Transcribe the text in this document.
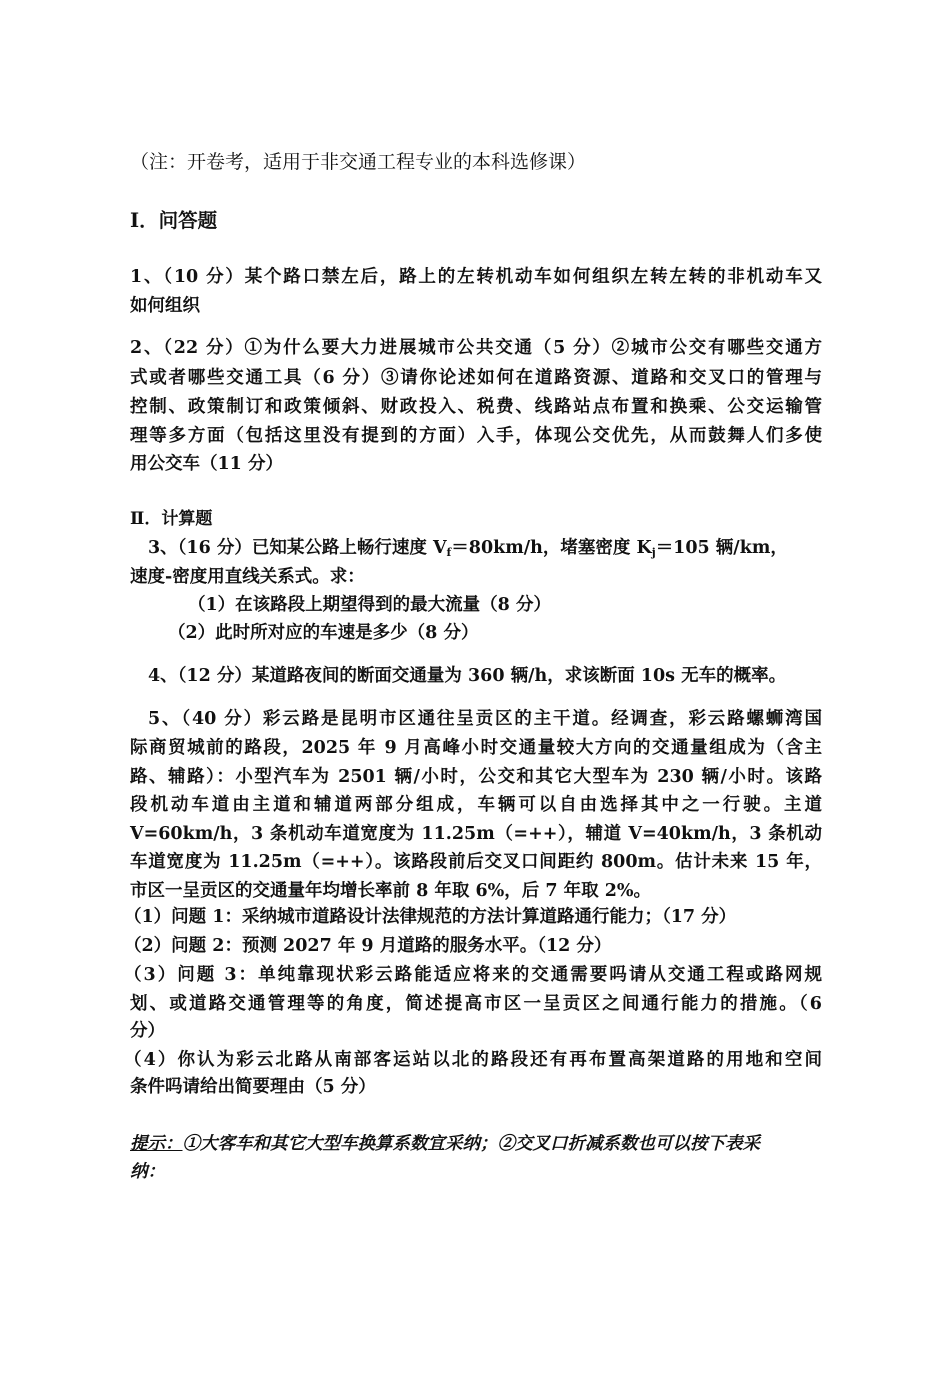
（注：开卷考，适用于非交通工程专业的本科选修课）
Ⅰ．问答题
1、（10 分）某个路口禁左后，路上的左转机动车如何组织左转左转的非机动车又
如何组织
2、（22 分）①为什么要大力进展城市公共交通（5 分）②城市公交有哪些交通方
式或者哪些交通工具（6 分）③请你论述如何在道路资源、道路和交叉口的管理与
控制、政策制订和政策倾斜、财政投入、税费、线路站点布置和换乘、公交运输管
理等多方面（包括这里没有提到的方面）入手，体现公交优先，从而鼓舞人们多使
用公交车（11 分）
Ⅱ．计算题
3、（16 分）已知某公路上畅行速度 $V_f=80km/h$，堵塞密度 $K_j=105$ 辆/km，
速度-密度用直线关系式。求：
（1）在该路段上期望得到的最大流量（8 分）
（2）此时所对应的车速是多少（8 分）
4、（12 分）某道路夜间的断面交通量为 360 辆/h，求该断面 10s 无车的概率。
5、（40 分）彩云路是昆明市区通往呈贡区的主干道。经调查，彩云路螺蛳湾国
际商贸城前的路段，2025 年 9 月高峰小时交通量较大方向的交通量组成为（含主
路、辅路）：小型汽车为 2501 辆/小时，公交和其它大型车为 230 辆/小时。该路
段机动车道由主道和辅道两部分组成，车辆可以自由选择其中之一行驶。主道
V=60km/h，3 条机动车道宽度为 11.25m（=++），辅道 V=40km/h，3 条机动
车道宽度为 11.25m（=++）。该路段前后交叉口间距约 800m。估计未来 15 年，
市区一呈贡区的交通量年均增长率前 8 年取 6%，后 7 年取 2%。
（1）问题 1：采纳城市道路设计法律规范的方法计算道路通行能力；（17 分）
（2）问题 2：预测 2027 年 9 月道路的服务水平。（12 分）
（3）问题 3：单纯靠现状彩云路能适应将来的交通需要吗请从交通工程或路网规
划、或道路交通管理等的角度，简述提高市区一呈贡区之间通行能力的措施。（6
分）
（4）你认为彩云北路从南部客运站以北的路段还有再布置高架道路的用地和空间
条件吗请给出简要理由（5 分）
提示：①大客车和其它大型车换算系数宜采纳；②交叉口折减系数也可以按下表采
纳：
